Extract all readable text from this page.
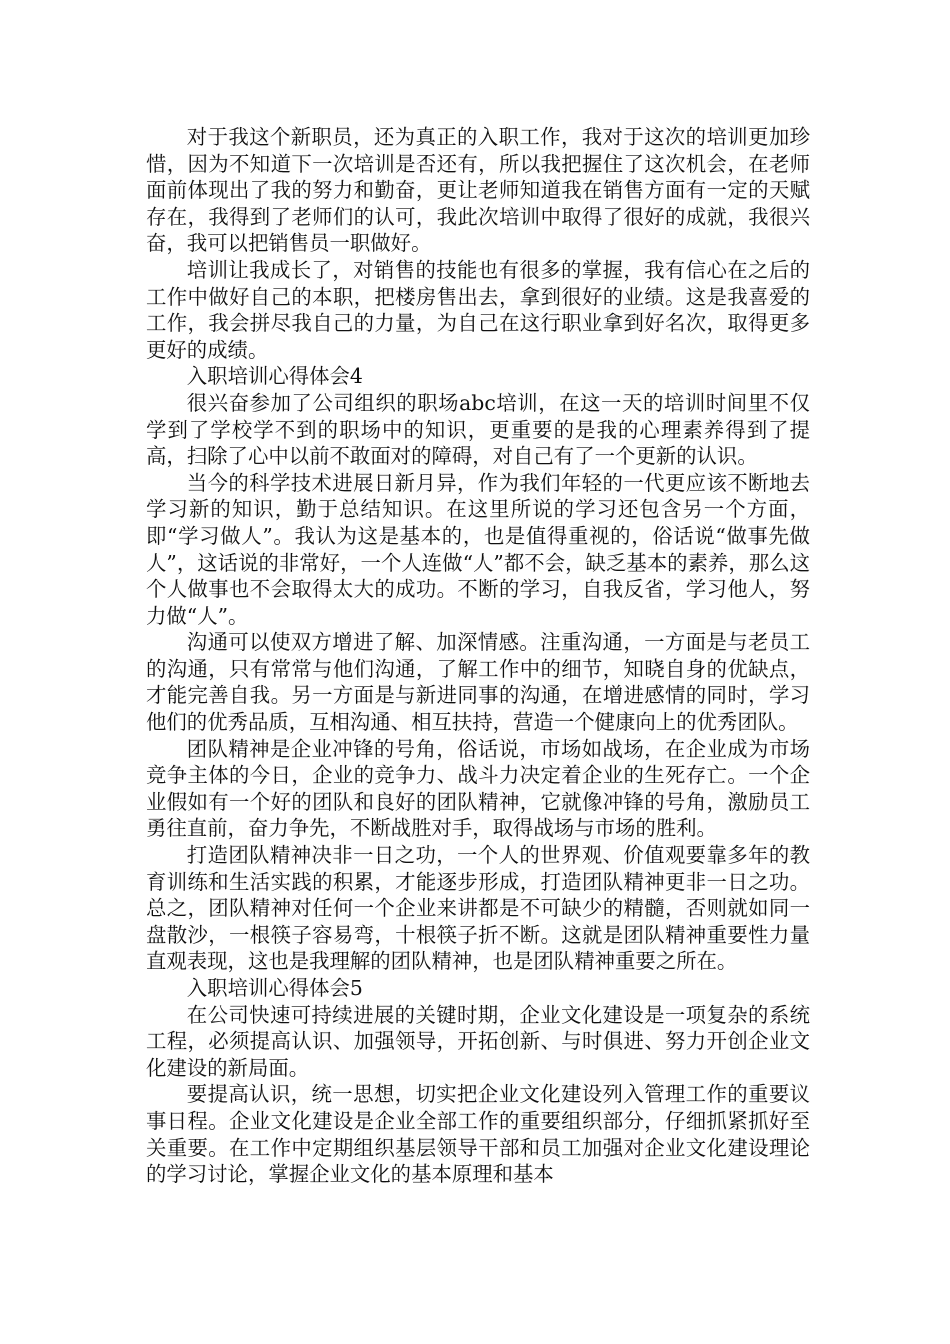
对于我这个新职员，还为真正的入职工作，我对于这次的培训更加珍惜，因为不知道下一次培训是否还有，所以我把握住了这次机会，在老师面前体现出了我的努力和勤奋，更让老师知道我在销售方面有一定的天赋存在，我得到了老师们的认可，我此次培训中取得了很好的成就，我很兴奋，我可以把销售员一职做好。

培训让我成长了，对销售的技能也有很多的掌握，我有信心在之后的工作中做好自己的本职，把楼房售出去，拿到很好的业绩。这是我喜爱的工作，我会拼尽我自己的力量，为自己在这行职业拿到好名次，取得更多更好的成绩。

入职培训心得体会4

很兴奋参加了公司组织的职场abc培训，在这一天的培训时间里不仅学到了学校学不到的职场中的知识，更重要的是我的心理素养得到了提高，扫除了心中以前不敢面对的障碍，对自己有了一个更新的认识。

当今的科学技术进展日新月异，作为我们年轻的一代更应该不断地去学习新的知识，勤于总结知识。在这里所说的学习还包含另一个方面，即“学习做人”。我认为这是基本的，也是值得重视的，俗话说“做事先做人”，这话说的非常好，一个人连做“人”都不会，缺乏基本的素养，那么这个人做事也不会取得太大的成功。不断的学习，自我反省，学习他人，努力做“人”。

沟通可以使双方增进了解、加深情感。注重沟通，一方面是与老员工的沟通，只有常常与他们沟通，了解工作中的细节，知晓自身的优缺点，才能完善自我。另一方面是与新进同事的沟通，在增进感情的同时，学习他们的优秀品质，互相沟通、相互扶持，营造一个健康向上的优秀团队。

团队精神是企业冲锋的号角，俗话说，市场如战场，在企业成为市场竞争主体的今日，企业的竞争力、战斗力决定着企业的生死存亡。一个企业假如有一个好的团队和良好的团队精神，它就像冲锋的号角，激励员工勇往直前，奋力争先，不断战胜对手，取得战场与市场的胜利。

打造团队精神决非一日之功，一个人的世界观、价值观要靠多年的教育训练和生活实践的积累，才能逐步形成，打造团队精神更非一日之功。总之，团队精神对任何一个企业来讲都是不可缺少的精髓，否则就如同一盘散沙，一根筷子容易弯，十根筷子折不断。这就是团队精神重要性力量直观表现，这也是我理解的团队精神，也是团队精神重要之所在。

入职培训心得体会5

在公司快速可持续进展的关键时期，企业文化建设是一项复杂的系统工程，必须提高认识、加强领导，开拓创新、与时俱进、努力开创企业文化建设的新局面。

要提高认识，统一思想，切实把企业文化建设列入管理工作的重要议事日程。企业文化建设是企业全部工作的重要组织部分，仔细抓紧抓好至关重要。在工作中定期组织基层领导干部和员工加强对企业文化建设理论的学习讨论，掌握企业文化的基本原理和基本
